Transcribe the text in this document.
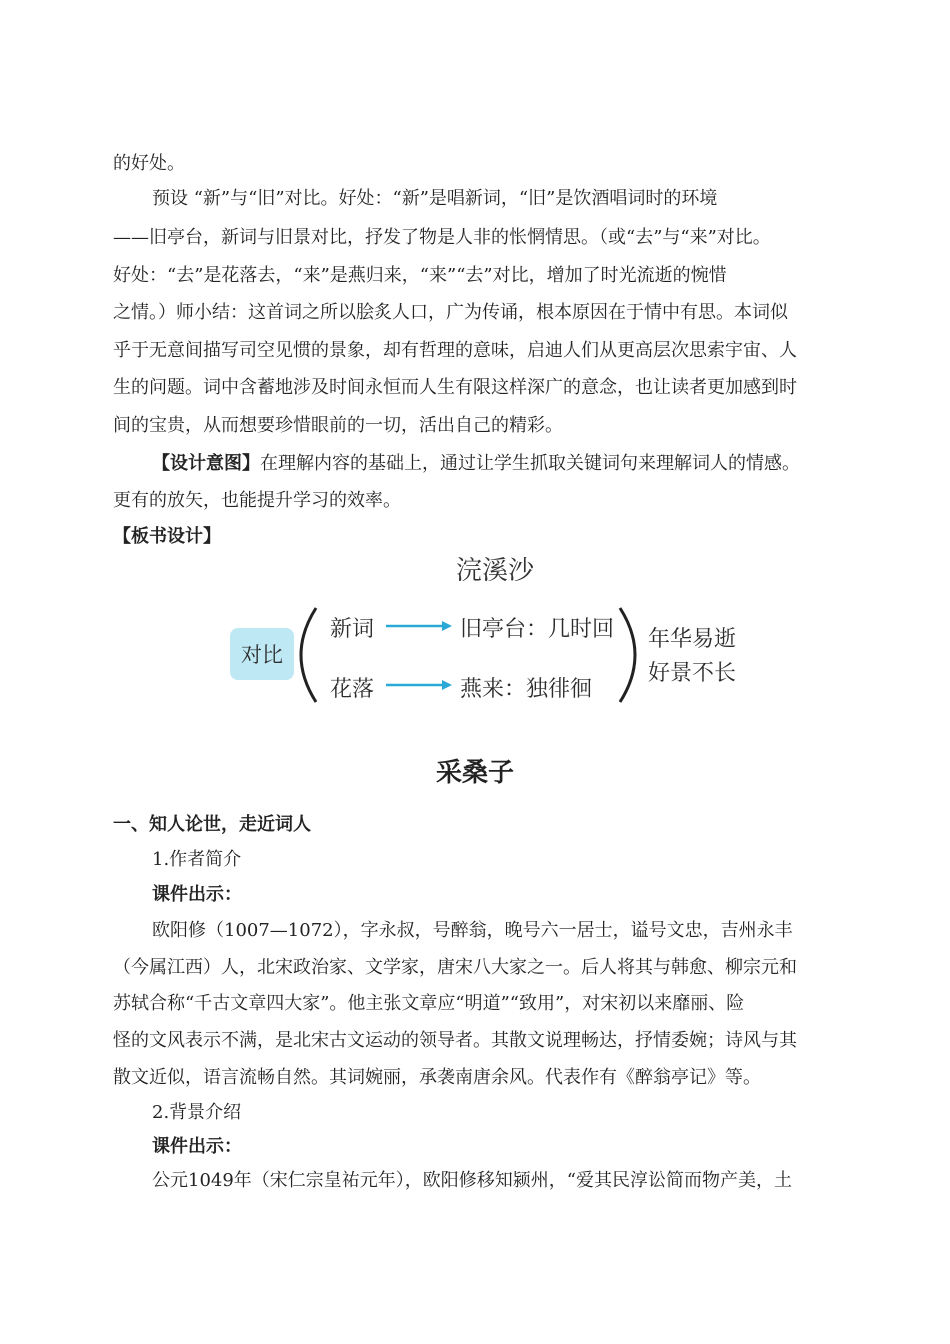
的好处。
预设 “新”与“旧”对比。好处：“新”是唱新词，“旧”是饮酒唱词时的环境
——旧亭台，新词与旧景对比，抒发了物是人非的怅惘情思。（或“去”与“来”对比。
好处：“去”是花落去，“来”是燕归来，“来”“去”对比，增加了时光流逝的惋惜
之情。）师小结：这首词之所以脍炙人口，广为传诵，根本原因在于情中有思。本词似
乎于无意间描写司空见惯的景象，却有哲理的意味，启迪人们从更高层次思索宇宙、人
生的问题。词中含蓄地涉及时间永恒而人生有限这样深广的意念，也让读者更加感到时
间的宝贵，从而想要珍惜眼前的一切，活出自己的精彩。
【设计意图】在理解内容的基础上，通过让学生抓取关键词句来理解词人的情感。
更有的放矢，也能提升学习的效率。
【板书设计】
浣溪沙
对比
新词	旧亭台：几时回
花落	燕来：独徘徊
年华易逝
好景不长
采桑子
一、知人论世，走近词人
1.作者简介
课件出示：
欧阳修（1007—1072），字永叔，号醉翁，晚号六一居士，谥号文忠，吉州永丰
（今属江西）人，北宋政治家、文学家，唐宋八大家之一。后人将其与韩愈、柳宗元和
苏轼合称“千古文章四大家”。他主张文章应“明道”“致用”，对宋初以来靡丽、险
怪的文风表示不满，是北宋古文运动的领导者。其散文说理畅达，抒情委婉；诗风与其
散文近似，语言流畅自然。其词婉丽，承袭南唐余风。代表作有《醉翁亭记》等。
2.背景介绍
课件出示：
公元1049年（宋仁宗皇祐元年），欧阳修移知颍州，“爱其民淳讼简而物产美，土
